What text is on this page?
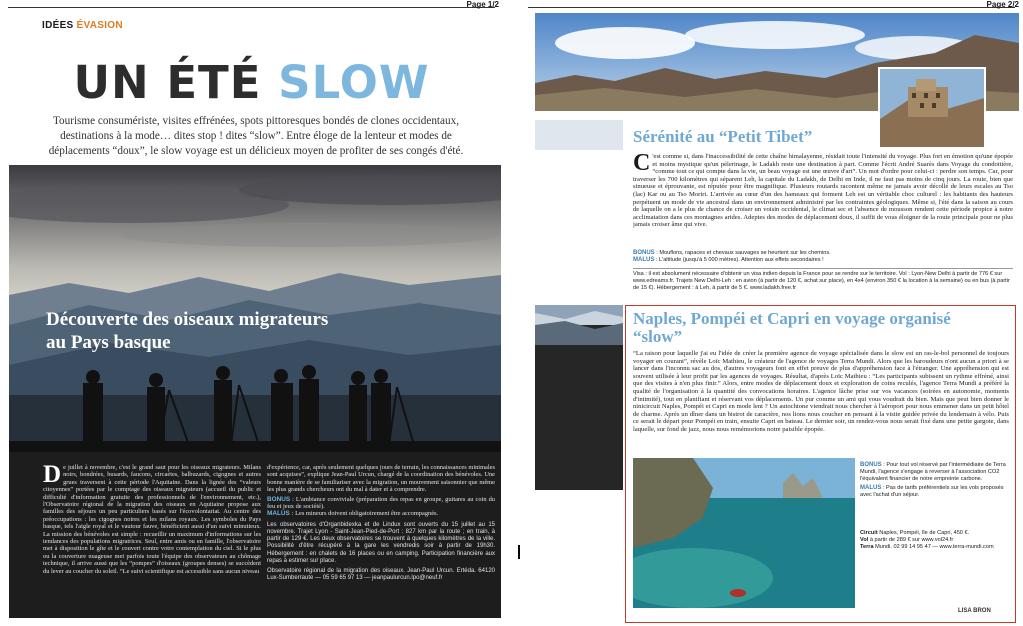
Page 1/2
IDÉES ÉVASION
UN ÉTÉ SLOW
Tourisme consumériste, visites effrénées, spots pittoresques bondés de clones occidentaux, destinations à la mode… dites stop ! dites “slow”. Entre éloge de la lenteur et modes de déplacements “doux”, le slow voyage est un délicieux moyen de profiter de ses congés d'été.
Découverte des oiseaux migrateurs au Pays basque
De juillet à novembre, c'est le grand saut pour les oiseaux migrateurs. Milans noirs, bondrées, busards, faucons, circaètes, balbuzards, cigognes et autres grues traversent à cette période l'Aquitaine. Dans la lignée des “valeurs citoyennes” portées par le comptage des oiseaux migrateurs (accueil du public et difficulté d'information gratuite des professionnels de l'environnement, etc.), l'Observatoire régional de la migration des oiseaux en Aquitaine propose aux familles des séjours un peu particuliers basés sur l'écovolontariat. Au centre des préoccupations : les cigognes noires et les milans royaux. Les symboles du Pays basque, tels l'aigle royal et le vautour fauve, bénéficient aussi d'un suivi minutieux. La mission des bénévoles est simple : recueillir un maximum d'informations sur les tendances des populations migratrices. Seul, entre amis ou en famille, l'observatoire met à disposition le gîte et le couvert contre votre contemplation du ciel. Si le plus ou la couverture nuageuse met parfois toute l'équipe des observateurs au chômage technique, il arrive aussi que les “pompes” d'oiseaux (groupes denses) se succèdent du lever au coucher du soleil. “Le suivi scientifique est accessible sans aucun niveau
d'expérience, car, après seulement quelques jours de terrain, les connaissances minimales sont acquises”, explique Jean-Paul Urcun, chargé de la coordination des bénévoles. Une bonne manière de se familiariser avec la migration, un mouvement saisonnier que même les plus grands chercheurs ont du mal à dater et à comprendre.
BONUS : L'ambiance conviviale (préparation des repas en groupe, guitares au coin du feu et jeux de société).
MALUS : Les mineurs doivent obligatoirement être accompagnés.
Les observatoires d'Organbidexka et de Lindux sont ouverts du 15 juillet au 15 novembre. Trajet Lyon - Saint-Jean-Pied-de-Port : 827 km par la route ; en train, à partir de 129 €. Les deux observatoires se trouvent à quelques kilomètres de la ville. Possibilité d'être récupéré à la gare les vendredis soir à partir de 19h30. Hébergement : en chalets de 16 places ou en camping. Participation financière aux repas à estimer sur place.
Observatoire régional de la migration des oiseaux. Jean-Paul Urcun. Ertéda. 64120 Lux-Sumberraute — 05 59 65 97 13 — jeanpaulurcun.lpo@neuf.fr
Page 2/2
Sérénité au “Petit Tibet”
C 'est comme si, dans l'inaccessibilité de cette chaîne himalayenne, résidait toute l'intensité du voyage. Plus fort en émotion qu'une épopée et moins mystique qu'un pèlerinage, le Ladakh reste une destination à part. Comme l'écrit André Suarès dans Voyage du condottière, “comme tout ce qui compte dans la vie, un beau voyage est une œuvre d'art”. Un mot d'ordre pour celui-ci : perdre son temps. Car, pour traverser les 700 kilomètres qui séparent Leh, la capitale du Ladakh, de Delhi en Inde, il ne faut pas moins de cinq jours. La route, bien que sinueuse et éprouvante, est réputée pour être magnifique. Plusieurs routards racontent même ne jamais avoir décollé de leurs escales au Tso (lac) Kar ou au Tso Moriri. L'arrivée au cœur d'un des hameaux qui forment Leh est un véritable choc culturel : les habitants des hauteurs perpétuent un mode de vie ancestral dans un environnement administré par les contraintes géologiques. Même si, l'été dans la saison au cours de laquelle on a le plus de chance de croiser un voisin occidental, le climat sec et l'absence de mousson rendent cette période propice à notre acclimatation dans ces montagnes arides. Adeptes des modes de déplacement doux, il suffit de vous éloigner de la route principale pour ne plus jamais croiser âme qui vive.
BONUS : Mouflons, rapaces et chevaux sauvages se heurtent sur les chemins.
MALUS : L'altitude (jusqu'à 5 000 mètres). Attention aux effets secondaires !
Visa : il est absolument nécessaire d'obtenir un visa indien depuis la France pour se rendre sur le territoire. Vol : Lyon-New Delhi à partir de 776 € sur www.edreams.fr. Trajets New Delhi-Leh : en avion (à partir de 120 €, achat sur place), en 4x4 (environ 350 € la location à la semaine) ou en bus (à partir de 15 €). Hébergement : à Leh, à partir de 5 €. www.ladakh.free.fr
Naples, Pompéi et Capri en voyage organisé “slow”
“La raison pour laquelle j'ai eu l'idée de créer la première agence de voyage spécialisée dans le slow est un ras-le-bol personnel de toujours voyager en courant”, révèle Loïc Mathieu, le créateur de l'agence de voyages Terra Mundi. Alors que les baroudeurs n'ont aucun a priori à se lancer dans l'inconnu sac au dos, d'autres voyageurs font en effet preuve de plus d'appréhension face à l'étranger. Une appréhension qui est souvent utilisée à leur profit par les agences de voyages. Résultat, d'après Loïc Mathieu : “Les participants subissent un rythme effréné, ainsi que des visites à n'en plus finir.” Alors, entre modes de déplacement doux et exploration de coins reculés, l'agence Terra Mundi a préféré la qualité de l'organisation à la quantité des convocations horaires. L'agence lâche prise sur vos vacances (soirées en autonomie, moments d'intimité), tout en planifiant et réservant vos déplacements. Un pur comme un ami qui vous voudrait du bien. Mais que peut bien donner le ninicircuit Naples, Pompéi et Capri en mode lent ? Un autochtone viendrait nous chercher à l'aéroport pour nous emmener dans un petit hôtel de charme. Après un dîner dans un bistrot de caractère, nos lions nous coucher en pensant à la visite guidée privée du lendemain à vélo. Puis ce serait le départ pour Pompéi en train, ensuite Capri en bateau. Le dernier soir, un rendez-vous nous serait fixé dans une petite gargote, dans laquelle, sur fond de jazz, nous nous remémorions notre paisible épopée.
BONUS : Pour tout vol réservé par l'intermédiaire de Terra Mundi, l'agence s'engage à reverser à l'association CO2 l'équivalent financier de notre empreinte carbone.
MALUS : Pas de tarifs préférentiels sur les vols proposés avec l'achat d'un séjour.
Circuit Naples, Pompéi, île de Capri, 450 €.
Vol à partir de 289 € sur www.vol24.fr
Terra Mundi. 02 99 14 95 47 — www.terra-mundi.com
LISA BRON
